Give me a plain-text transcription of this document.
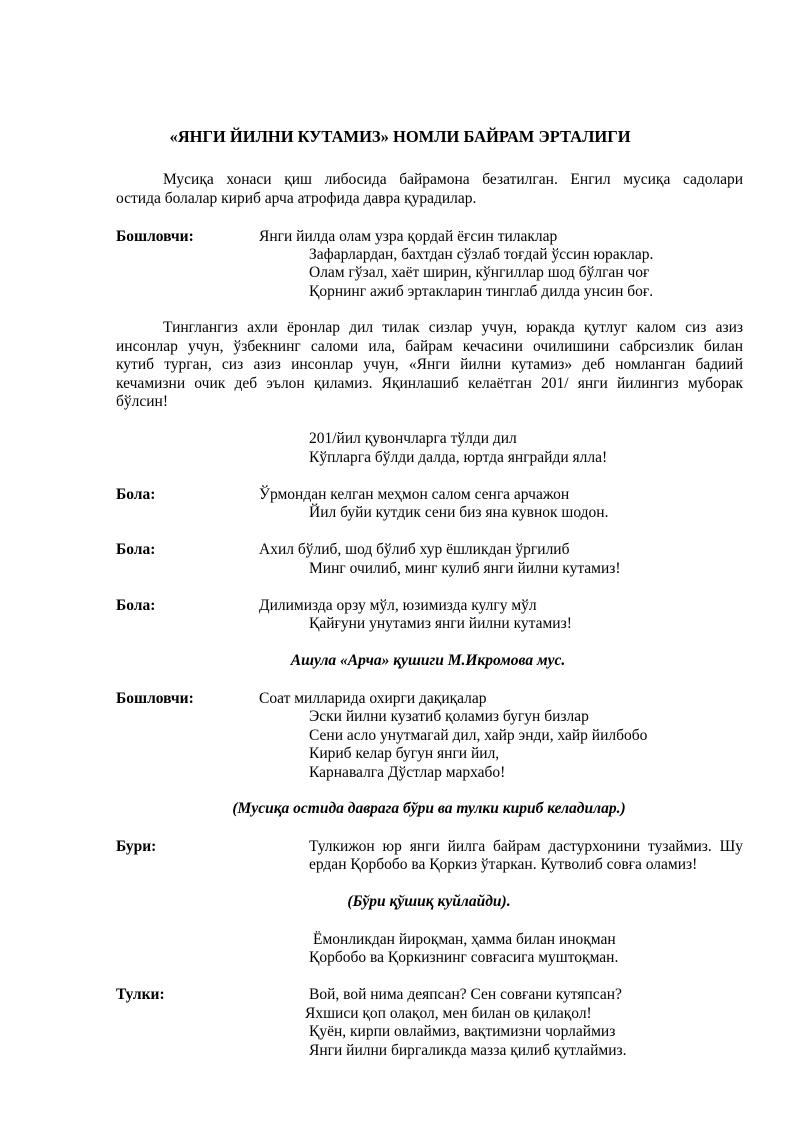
«ЯНГИ ЙИЛНИ КУТАМИЗ» НОМЛИ БАЙРАМ ЭРТАЛИГИ
Мусиқа хонаси қиш либосида байрамона безатилган. Енгил мусиқа садолари
остида болалар кириб арча атрофида давра қурадилар.
Бошловчи:	Янги йилда олам узра қордай ёғсин тилаклар
Зафарлардан, бахтдан сўзлаб тоғдай ўссин юраклар.
Олам гўзал, хаёт ширин, кўнгиллар шод бўлган чоғ
Қорнинг ажиб эртакларин тинглаб дилда унсин боғ.
Тинглангиз ахли ёронлар дил тилак сизлар учун, юракда қутлуг калом сиз азиз
инсонлар учун, ўзбекнинг саломи ила, байрам кечасини очилишини сабрсизлик билан
кутиб турган, сиз азиз инсонлар учун, «Янги йилни кутамиз» деб номланган бадиий
кечамизни очик деб эълон қиламиз. Яқинлашиб келаётган 201/ янги йилингиз муборак
бўлсин!
201/йил қувончларга тўлди дил
Кўпларга бўлди далда, юртда янграйди ялла!
Бола:	Ўрмондан келган меҳмон салом сенга арчажон
Йил буйи кутдик сени биз яна кувнок шодон.
Бола:	Ахил бўлиб, шод бўлиб хур ёшликдан ўргилиб
Минг очилиб, минг кулиб янги йилни кутамиз!
Бола:	Дилимизда орзу мўл, юзимизда кулгу мўл
Қайғуни унутамиз янги йилни кутамиз!
Ашула «Арча» қушиги М.Икромова мус.
Бошловчи:	Соат милларида охирги дақиқалар
Эски йилни кузатиб қоламиз бугун бизлар
Сени асло унутмагай дил, хайр энди, хайр йилбобо
Кириб келар бугун янги йил,
Карнавалга Дўстлар мархабо!
(Мусиқа остида даврага бўри ва тулки кириб келадилар.)
Бури:	Тулкижон юр янги йилга байрам дастурхонини тузаймиз. Шу
ердан Қорбобо ва Қоркиз ўтаркан. Кутволиб совға оламиз!
(Бўри қўшиқ куйлайди).
Ёмонликдан йироқман, ҳамма билан иноқман
Қорбобо ва Қоркизнинг совғасига муштоқман.
Тулки:	Вой, вой нима деяпсан? Сен совғани кутяпсан?
Яхшиси қоп олақол, мен билан ов қилақол!
Қуён, кирпи овлаймиз, вақтимизни чорлаймиз
Янги йилни биргаликда мазза қилиб қутлаймиз.
